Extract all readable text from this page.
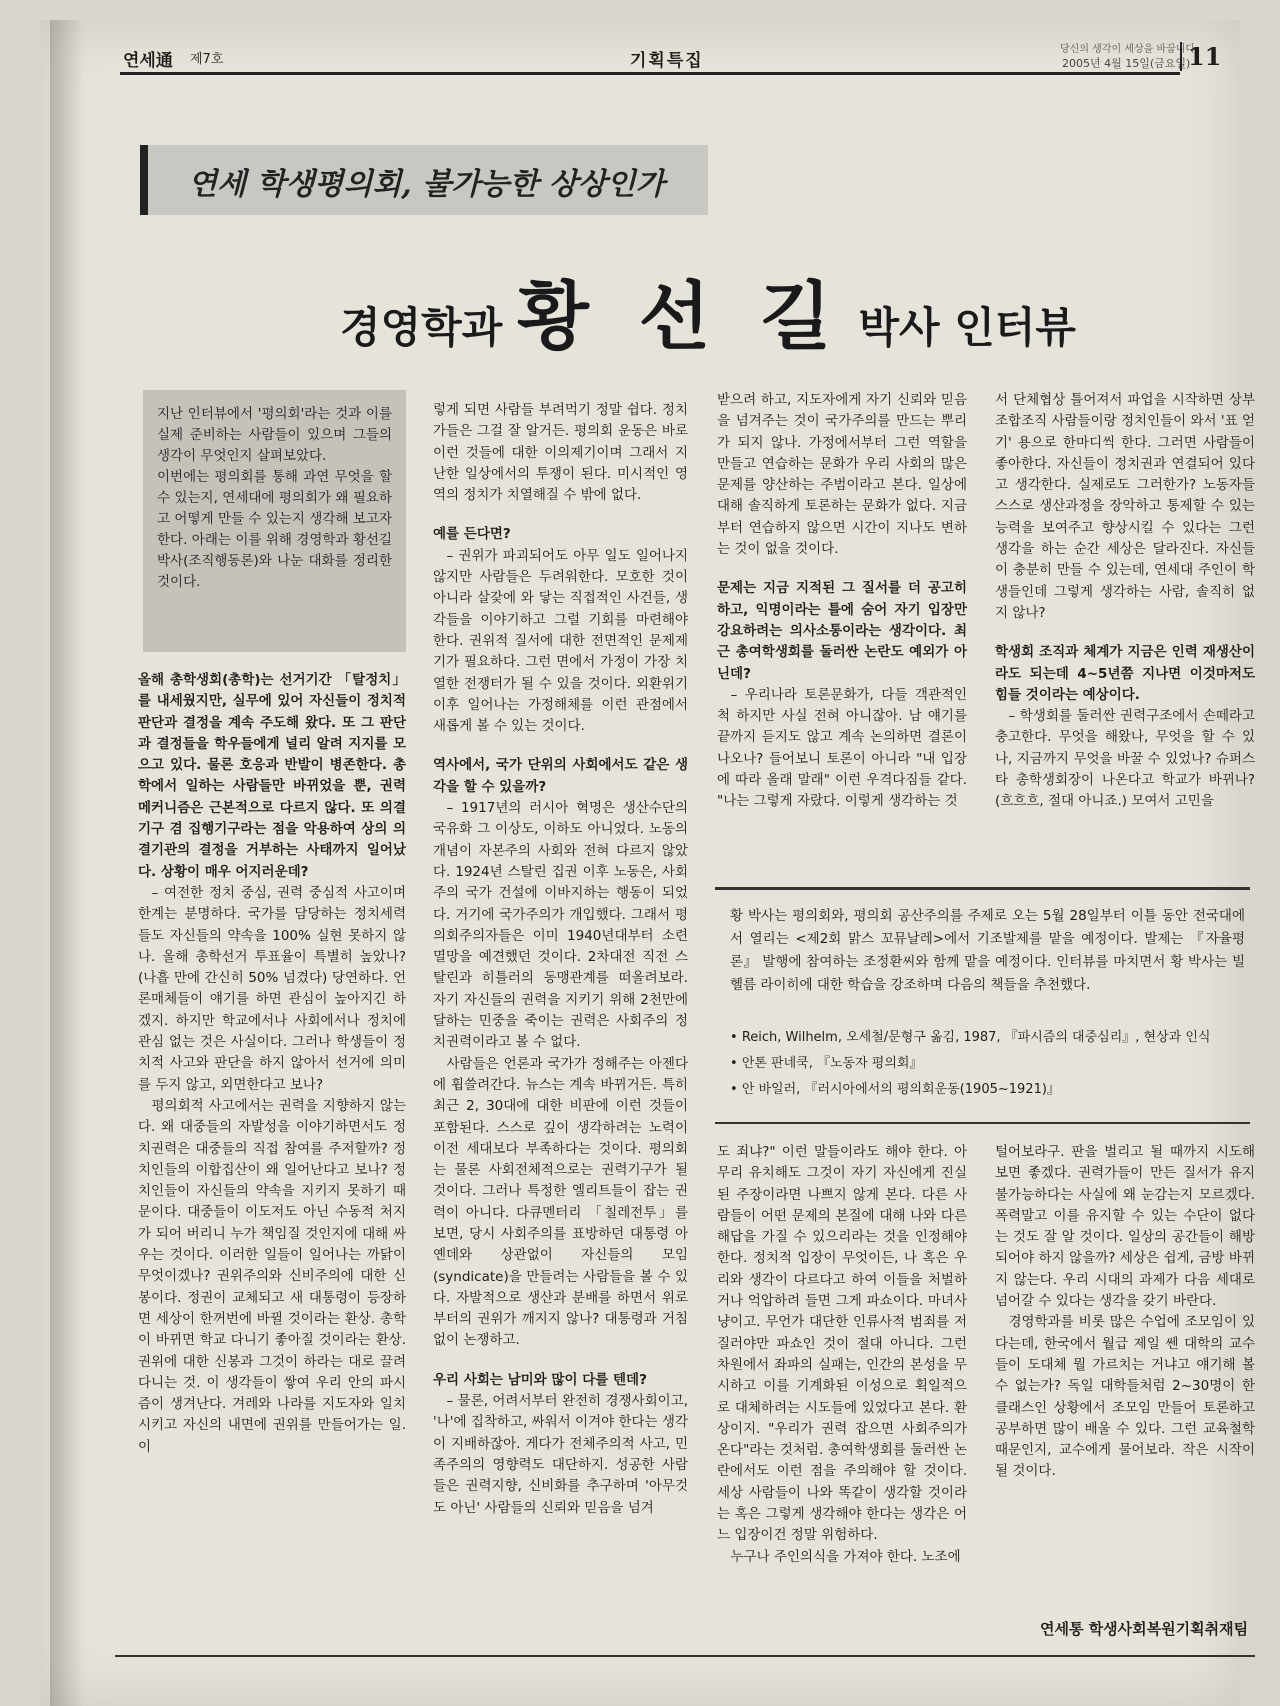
연세通 제7호	기획특집
당신의 생각이 세상을 바꿉니다
2005년 4월 15일(금요일)
11
연세 학생평의회, 불가능한 상상인가
경영학과 황 선 길 박사 인터뷰

지난 인터뷰에서 '평의회'라는 것과 이를 실제 준비하는 사람들이 있으며 그들의 생각이 무엇인지 살펴보았다.

이번에는 평의회를 통해 과연 무엇을 할 수 있는지, 연세대에 평의회가 왜 필요하고 어떻게 만들 수 있는지 생각해 보고자 한다. 아래는 이를 위해 경영학과 황선길 박사(조직행동론)와 나눈 대화를 정리한 것이다.

올해 총학생회(총학)는 선거기간 「탈정치」를 내세웠지만, 실무에 있어 자신들이 정치적 판단과 결정을 계속 주도해 왔다. 또 그 판단과 결정들을 학우들에게 널리 알려 지지를 모으고 있다. 물론 호응과 반발이 병존한다. 총학에서 일하는 사람들만 바뀌었을 뿐, 권력 메커니즘은 근본적으로 다르지 않다. 또 의결기구 겸 집행기구라는 점을 악용하여 상의 의결기관의 결정을 거부하는 사태까지 일어났다. 상황이 매우 어지러운데?

– 여전한 정치 중심, 권력 중심적 사고이며 한계는 분명하다. 국가를 담당하는 정치세력들도 자신들의 약속을 100% 실현 못하지 않나. 올해 총학선거 투표율이 특별히 높았나? (나흘 만에 간신히 50% 넘겼다) 당연하다. 언론매체들이 얘기를 하면 관심이 높아지긴 하겠지. 하지만 학교에서나 사회에서나 정치에 관심 없는 것은 사실이다. 그러나 학생들이 정치적 사고와 판단을 하지 않아서 선거에 의미를 두지 않고, 외면한다고 보나?

평의회적 사고에서는 권력을 지향하지 않는다. 왜 대중들의 자발성을 이야기하면서도 정치권력은 대중들의 직접 참여를 주저할까? 정치인들의 이합집산이 왜 일어난다고 보나? 정치인들이 자신들의 약속을 지키지 못하기 때문이다. 대중들이 이도저도 아닌 수동적 처지가 되어 버리니 누가 책임질 것인지에 대해 싸우는 것이다. 이러한 일들이 일어나는 까닭이 무엇이겠나? 권위주의와 신비주의에 대한 신봉이다. 정권이 교체되고 새 대통령이 등장하면 세상이 한꺼번에 바뀔 것이라는 환상. 총학이 바뀌면 학교 다니기 좋아질 것이라는 환상. 권위에 대한 신봉과 그것이 하라는 대로 끌려다니는 것. 이 생각들이 쌓여 우리 안의 파시즘이 생겨난다. 겨레와 나라를 지도자와 일치시키고 자신의 내면에 권위를 만들어가는 일. 이

렇게 되면 사람들 부려먹기 정말 쉽다. 정치가들은 그걸 잘 알거든. 평의회 운동은 바로 이런 것들에 대한 이의제기이며 그래서 지난한 일상에서의 투쟁이 된다. 미시적인 영역의 정치가 치열해질 수 밖에 없다.

예를 든다면?

– 권위가 파괴되어도 아무 일도 일어나지 않지만 사람들은 두려워한다. 모호한 것이 아니라 살갗에 와 닿는 직접적인 사건들, 생각들을 이야기하고 그럴 기회를 마련해야 한다. 권위적 질서에 대한 전면적인 문제제기가 필요하다. 그런 면에서 가정이 가장 치열한 전쟁터가 될 수 있을 것이다. 외환위기 이후 일어나는 가정해체를 이런 관점에서 새롭게 볼 수 있는 것이다.

역사에서, 국가 단위의 사회에서도 같은 생각을 할 수 있을까?

– 1917년의 러시아 혁명은 생산수단의 국유화 그 이상도, 이하도 아니었다. 노동의 개념이 자본주의 사회와 전혀 다르지 않았다. 1924년 스탈린 집권 이후 노동은, 사회주의 국가 건설에 이바지하는 행동이 되었다. 거기에 국가주의가 개입했다. 그래서 평의회주의자들은 이미 1940년대부터 소련 멸망을 예견했던 것이다. 2차대전 직전 스탈린과 히틀러의 동맹관계를 떠올려보라. 자기 자신들의 권력을 지키기 위해 2천만에 달하는 민중을 죽이는 권력은 사회주의 정치권력이라고 볼 수 없다.

사람들은 언론과 국가가 정해주는 아젠다에 휩쓸려간다. 뉴스는 계속 바뀌거든. 특히 최근 2, 30대에 대한 비판에 이런 것들이 포함된다. 스스로 깊이 생각하려는 노력이 이전 세대보다 부족하다는 것이다. 평의회는 물론 사회전체적으로는 권력기구가 될 것이다. 그러나 특정한 엘리트들이 잡는 권력이 아니다. 다큐멘터리 「칠레전투」를 보면, 당시 사회주의를 표방하던 대통령 아옌데와 상관없이 자신들의 모임(syndicate)을 만들려는 사람들을 볼 수 있다. 자발적으로 생산과 분배를 하면서 위로부터의 권위가 깨지지 않나? 대통령과 거침없이 논쟁하고.

우리 사회는 남미와 많이 다를 텐데?

– 물론, 어려서부터 완전히 경쟁사회이고, '나'에 집착하고, 싸워서 이겨야 한다는 생각이 지배하잖아. 게다가 전체주의적 사고, 민족주의의 영향력도 대단하지. 성공한 사람들은 권력지향, 신비화를 추구하며 '아무것도 아닌' 사람들의 신뢰와 믿음을 넘겨

받으려 하고, 지도자에게 자기 신뢰와 믿음을 넘겨주는 것이 국가주의를 만드는 뿌리가 되지 않나. 가정에서부터 그런 역할을 만들고 연습하는 문화가 우리 사회의 많은 문제를 양산하는 주범이라고 본다. 일상에 대해 솔직하게 토론하는 문화가 없다. 지금부터 연습하지 않으면 시간이 지나도 변하는 것이 없을 것이다.

문제는 지금 지적된 그 질서를 더 공고히 하고, 익명이라는 틀에 숨어 자기 입장만 강요하려는 의사소통이라는 생각이다. 최근 총여학생회를 둘러싼 논란도 예외가 아닌데?

– 우리나라 토론문화가, 다들 객관적인 척 하지만 사실 전혀 아니잖아. 남 얘기를 끝까지 듣지도 않고 계속 논의하면 결론이 나오나? 들어보니 토론이 아니라 "내 입장에 따라 올래 말래" 이런 우격다짐들 같다. "나는 그렇게 자랐다. 이렇게 생각하는 것

서 단체협상 틀어져서 파업을 시작하면 상부 조합조직 사람들이랑 정치인들이 와서 '표 얻기' 용으로 한마디씩 한다. 그러면 사람들이 좋아한다. 자신들이 정치권과 연결되어 있다고 생각한다. 실제로도 그러한가? 노동자들 스스로 생산과정을 장악하고 통제할 수 있는 능력을 보여주고 향상시킬 수 있다는 그런 생각을 하는 순간 세상은 달라진다. 자신들이 충분히 만들 수 있는데, 연세대 주인이 학생들인데 그렇게 생각하는 사람, 솔직히 없지 않나?

학생회 조직과 체계가 지금은 인력 재생산이라도 되는데 4~5년쯤 지나면 이것마저도 힘들 것이라는 예상이다.

– 학생회를 둘러싼 권력구조에서 손떼라고 충고한다. 무엇을 해왔나, 무엇을 할 수 있나, 지금까지 무엇을 바꿀 수 있었나? 슈퍼스타 총학생회장이 나온다고 학교가 바뀌나? (흐흐흐, 절대 아니죠.) 모여서 고민을

황 박사는 평의회와, 평의회 공산주의를 주제로 오는 5월 28일부터 이틀 동안 전국대에서 열리는 <제2회 맑스 꼬뮤날레>에서 기조발제를 맡을 예정이다. 발제는 『자율평론』 발행에 참여하는 조정환씨와 함께 맡을 예정이다. 인터뷰를 마치면서 황 박사는 빌헬름 라이히에 대한 학습을 강조하며 다음의 책들을 추천했다.
• Reich, Wilhelm, 오세철/문형구 옮김, 1987, 『파시즘의 대중심리』, 현상과 인식
• 안톤 판네쿡, 『노동자 평의회』
• 안 바일러, 『러시아에서의 평의회운동(1905~1921)』

도 죄냐?" 이런 말들이라도 해야 한다. 아무리 유치해도 그것이 자기 자신에게 진실된 주장이라면 나쁘지 않게 본다. 다른 사람들이 어떤 문제의 본질에 대해 나와 다른 해답을 가질 수 있으리라는 것을 인정해야 한다. 정치적 입장이 무엇이든, 나 혹은 우리와 생각이 다르다고 하여 이들을 처벌하거나 억압하려 들면 그게 파쇼이다. 마녀사냥이고. 무언가 대단한 인류사적 범죄를 저질러야만 파쇼인 것이 절대 아니다. 그런 차원에서 좌파의 실패는, 인간의 본성을 무시하고 이를 기계화된 이성으로 획일적으로 대체하려는 시도들에 있었다고 본다. 환상이지. "우리가 권력 잡으면 사회주의가 온다"라는 것처럼. 총여학생회를 둘러싼 논란에서도 이런 점을 주의해야 할 것이다. 세상 사람들이 나와 똑같이 생각할 것이라는 혹은 그렇게 생각해야 한다는 생각은 어느 입장이건 정말 위험하다.

누구나 주인의식을 가져야 한다. 노조에

털어보라구. 판을 벌리고 될 때까지 시도해 보면 좋겠다. 권력가들이 만든 질서가 유지 불가능하다는 사실에 왜 눈감는지 모르겠다. 폭력말고 이를 유지할 수 있는 수단이 없다는 것도 잘 알 것이다. 일상의 공간들이 해방되어야 하지 않을까? 세상은 쉽게, 금방 바뀌지 않는다. 우리 시대의 과제가 다음 세대로 넘어갈 수 있다는 생각을 갖기 바란다.

경영학과를 비롯 많은 수업에 조모임이 있다는데, 한국에서 월급 제일 쎈 대학의 교수들이 도대체 뭘 가르치는 거냐고 얘기해 볼 수 없는가? 독일 대학들처럼 2~30명이 한 클래스인 상황에서 조모임 만들어 토론하고 공부하면 많이 배울 수 있다. 그런 교육철학 때문인지, 교수에게 물어보라. 작은 시작이 될 것이다.

연세통 학생사회복원기획취재팀
